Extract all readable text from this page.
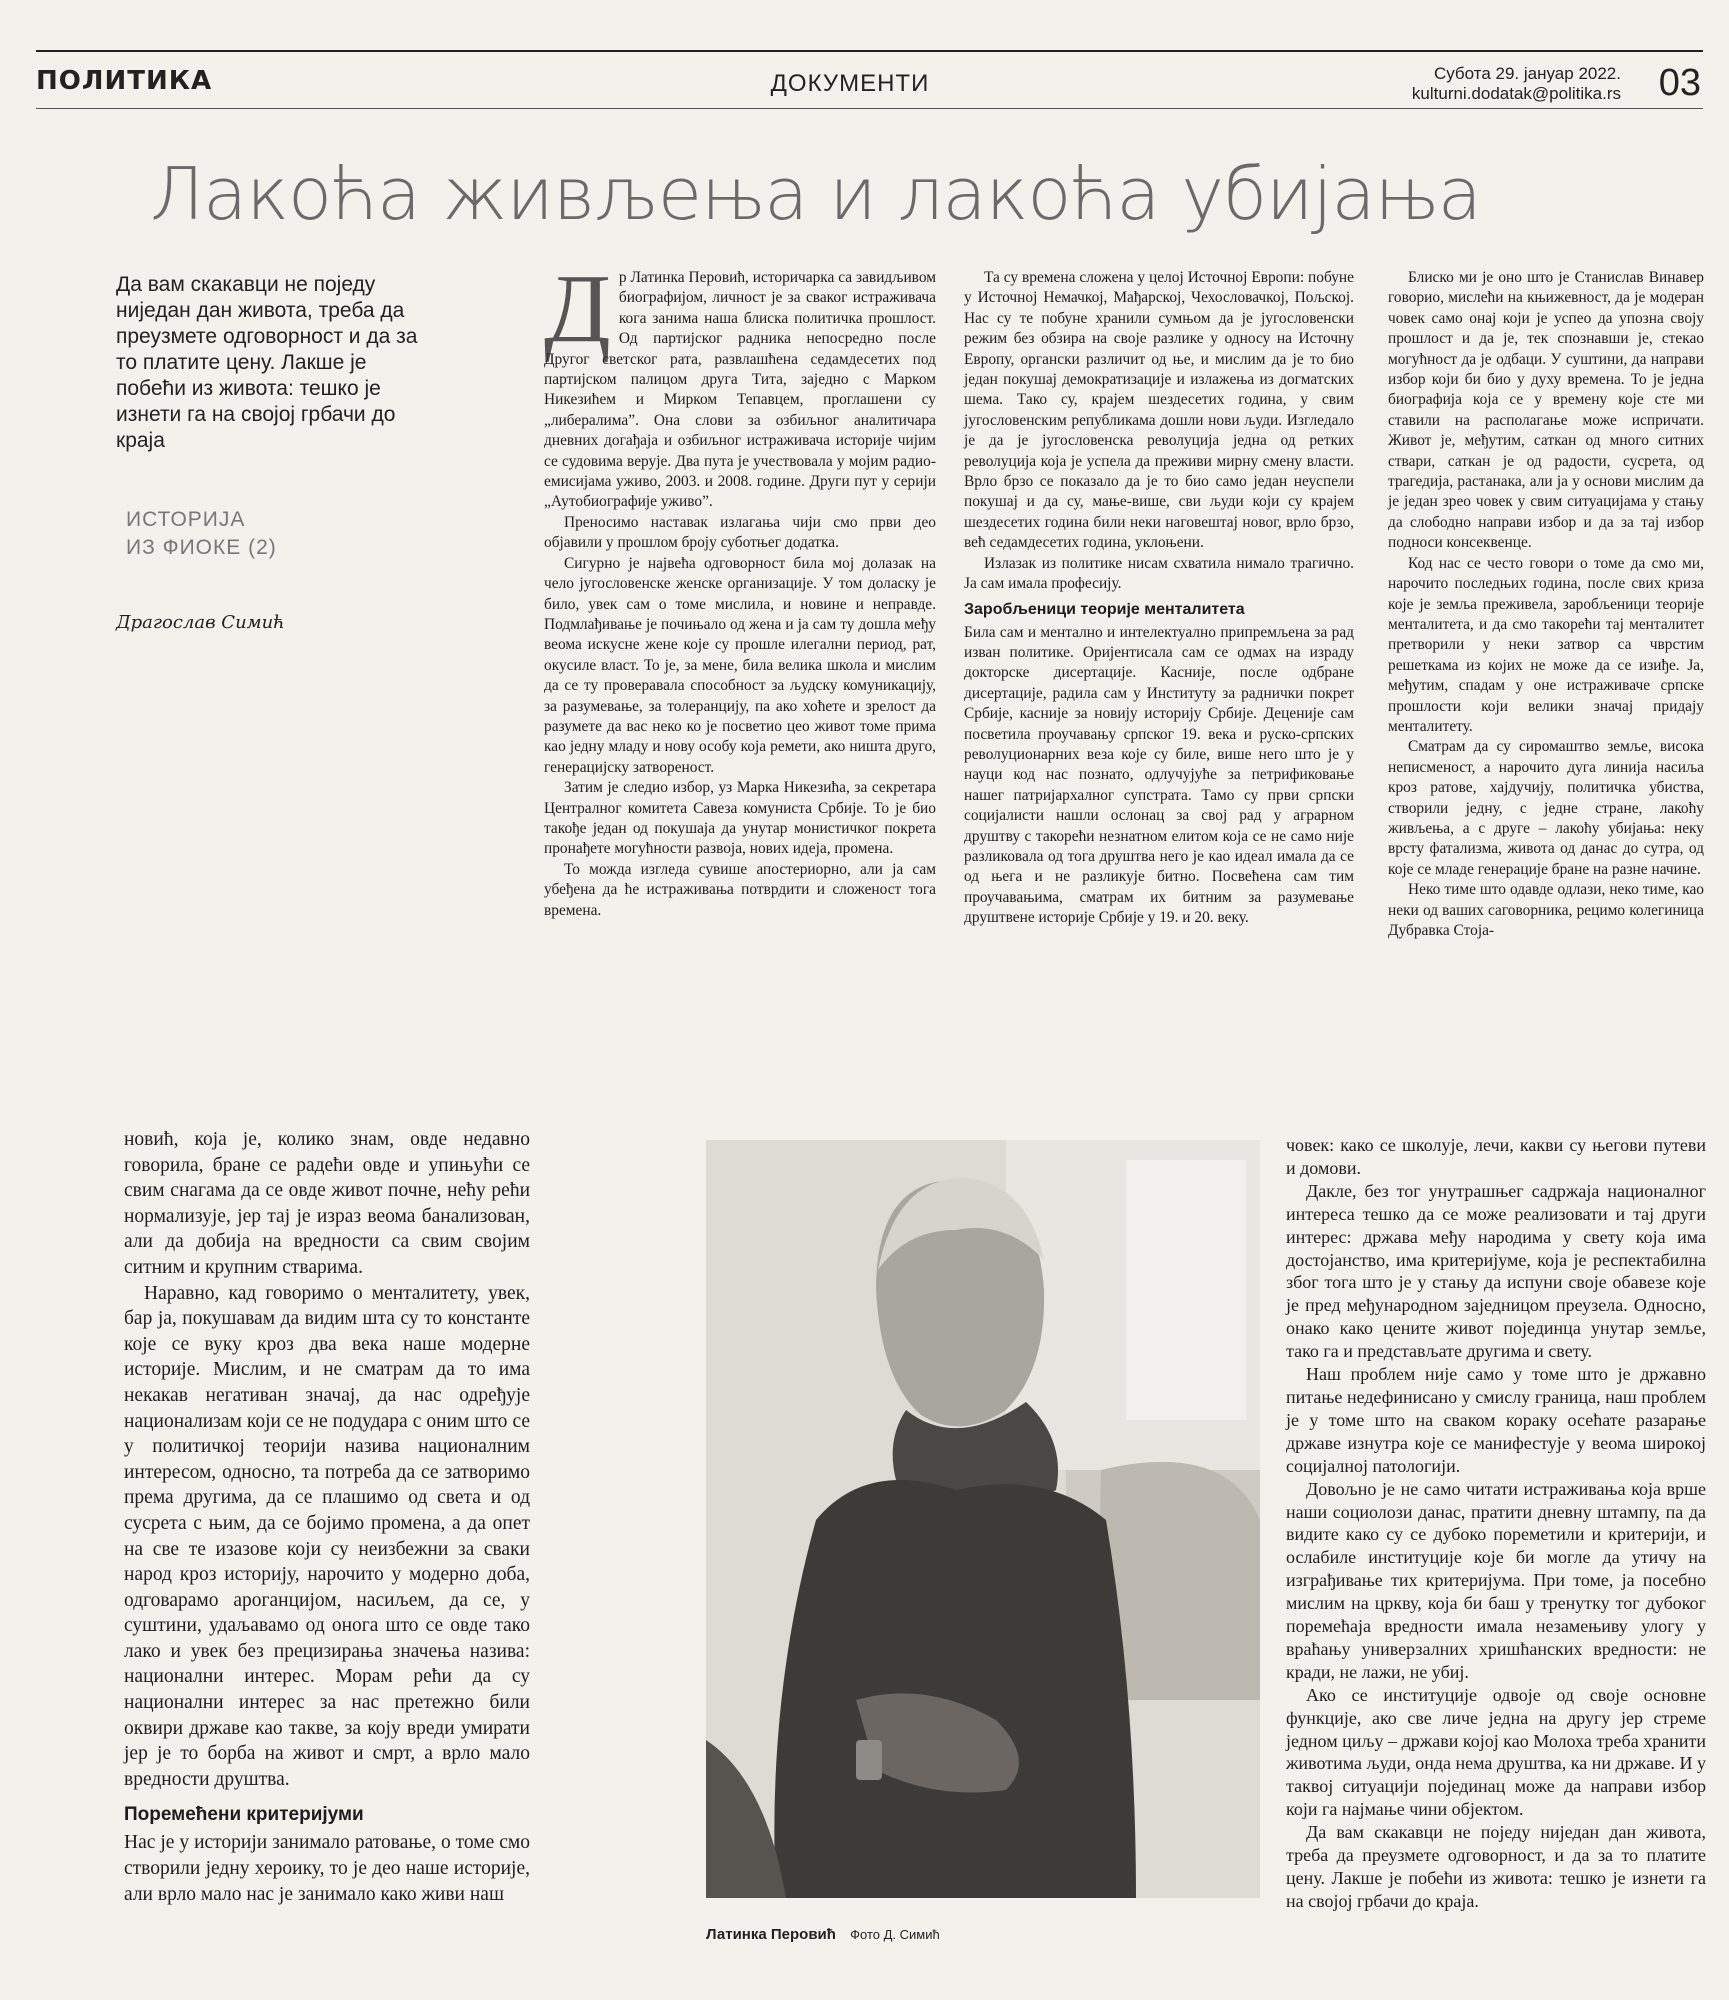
ПОЛИТИКА	ДОКУМЕНТИ	Субота 29. јануар 2022.
kulturni.dodatak@politika.rs 03
Лакоћа живљења и лакоћа убијања
Да вам скакавци не поједу ниједан дан живота, треба да преузмете одговорност и да за то платите цену. Лакше је побећи из живота: тешко је изнети га на својој грбачи до краја
ИСТОРИЈА
ИЗ ФИОКЕ (2)
Драгослав Симић

Др Латинка Перовић, историчарка са завидљивом биографијом, личност је за сваког истраживача кога занима наша блиска политичка прошлост. Од партијског радника непосредно после Другог светског рата, развлашћена седамдесетих под партијском палицом друга Тита, заједно с Марком Никезићем и Мирком Тепавцем, проглашени су „либералима”. Она слови за озбиљног аналитичара дневних догађаја и озбиљног истраживача историје чијим се судовима верује. Два пута је учествовала у мојим радио-емисијама уживо, 2003. и 2008. године. Други пут у серији „Аутобиографије уживо”.

Преносимо наставак излагања чији смо први део објавили у прошлом броју суботњег додатка.

Сигурно је највећа одговорност била мој долазак на чело југословенске женске организације. У том доласку је било, увек сам о томе мислила, и новине и неправде. Подмлађивање је почињало од жена и ја сам ту дошла међу веома искусне жене које су прошле илегални период, рат, окусиле власт. То је, за мене, била велика школа и мислим да се ту проверавала способност за људску комуникацију, за разумевање, за толеранцију, па ако хоћете и зрелост да разумете да вас неко ко је посветио цео живот томе прима као једну младу и нову особу која ремети, ако ништа друго, генерацијску затвореност.

Затим је следио избор, уз Марка Никезића, за секретара Централног комитета Савеза комуниста Србије. То је био такође један од покушаја да унутар монистичког покрета пронађете могућности развоја, нових идеја, промена.

То можда изгледа сувише апостериорно, али ја сам убеђена да ће истраживања потврдити и сложеност тога времена.

Та су времена сложена у целој Источној Европи: побуне у Источној Немачкој, Мађарској, Чехословачкој, Пољској. Нас су те побуне хранили сумњом да је југословенски режим без обзира на своје разлике у односу на Источну Европу, органски различит од ње, и мислим да је то био један покушај демократизације и излажења из догматских шема. Тако су, крајем шездесетих година, у свим југословенским републикама дошли нови људи. Изгледало је да је југословенска револуција једна од ретких револуција која је успела да преживи мирну смену власти. Врло брзо се показало да је то био само један неуспели покушај и да су, мање-више, сви људи који су крајем шездесетих година били неки наговештај новог, врло брзо, већ седамдесетих година, уклоњени.

Излазак из политике нисам схватила нимало трагично. Ја сам имала професију.

Заробљеници теорије менталитета

Била сам и ментално и интелектуално припремљена за рад изван политике. Оријентисала сам се одмах на израду докторске дисертације. Касније, после одбране дисертације, радила сам у Институту за раднички покрет Србије, касније за новију историју Србије. Деценије сам посветила проучавању српског 19. века и руско-српских револуционарних веза које су биле, више него што је у науци код нас познато, одлучујуће за петрификовање нашег патријархалног супстрата. Тамо су први српски социјалисти нашли ослонац за свој рад у аграрном друштву с такорећи незнатном елитом која се не само није разликовала од тога друштва него је као идеал имала да се од њега и не разликује битно. Посвећена сам тим проучавањима, сматрам их битним за разумевање друштвене историје Србије у 19. и 20. веку.

Блиско ми је оно што је Станислав Винавер говорио, мислећи на књижевност, да је модеран човек само онај који је успео да упозна своју прошлост и да је, тек спознавши је, стекао могућност да је одбаци. У суштини, да направи избор који би био у духу времена. То је једна биографија која се у времену које сте ми ставили на располагање може испричати. Живот је, међутим, саткан од много ситних ствари, саткан је од радости, сусрета, од трагедија, растанака, али ја у основи мислим да је један зрео човек у свим ситуацијама у стању да слободно направи избор и да за тај избор подноси консеквенце.

Код нас се често говори о томе да смо ми, нарочито последњих година, после свих криза које је земља преживела, заробљеници теорије менталитета, и да смо такорећи тај менталитет претворили у неки затвор са чврстим решеткама из којих не може да се изиђе. Ја, међутим, спадам у оне истраживаче српске прошлости који велики значај придају менталитету.

Сматрам да су сиромаштво земље, висока неписменост, а нарочито дуга линија насиља кроз ратове, хајдучију, политичка убиства, створили једну, с једне стране, лакоћу живљења, а с друге – лакоћу убијања: неку врсту фатализма, живота од данас до сутра, од које се младе генерације бране на разне начине.

Неко тиме што одавде одлази, неко тиме, као неки од ваших саговорника, рецимо колегиница Дубравка Стоја-

новић, која је, колико знам, овде недавно говорила, бране се радећи овде и упињући се свим снагама да се овде живот почне, нећу рећи нормализује, јер тај је израз веома банализован, али да добија на вредности са свим својим ситним и крупним стварима.

Наравно, кад говоримо о менталитету, увек, бар ја, покушавам да видим шта су то константе које се вуку кроз два века наше модерне историје. Мислим, и не сматрам да то има некакав негативан значај, да нас одређује национализам који се не подудара с оним што се у политичкој теорији назива националним интересом, односно, та потреба да се затворимо према другима, да се плашимо од света и од сусрета с њим, да се бојимо промена, а да опет на све те изазове који су неизбежни за сваки народ кроз историју, нарочито у модерно доба, одговарамо ароганцијом, насиљем, да се, у суштини, удаљавамо од онога што се овде тако лако и увек без прецизирања значења назива: национални интерес. Морам рећи да су национални интерес за нас претежно били оквири државе као такве, за коју вреди умирати јер је то борба на живот и смрт, а врло мало вредности друштва.

Поремећени критеријуми

Нас је у историји занимало ратовање, о томе смо створили једну хероику, то је део наше историје, али врло мало нас је занимало како живи наш

Латинка Перовић Фото Д. Симић

човек: како се школује, лечи, какви су његови путеви и домови.

Дакле, без тог унутрашњег садржаја националног интереса тешко да се може реализовати и тај други интерес: држава међу народима у свету која има достојанство, има критеријуме, која је респектабилна због тога што је у стању да испуни своје обавезе које је пред међународном заједницом преузела. Односно, онако како цените живот појединца унутар земље, тако га и представљате другима и свету.

Наш проблем није само у томе што је државно питање недефинисано у смислу граница, наш проблем је у томе што на сваком кораку осећате разарање државе изнутра које се манифестује у веома широкој социјалној патологији.

Довољно је не само читати истраживања која врше наши социолози данас, пратити дневну штампу, па да видите како су се дубоко пореметили и критерији, и ослабиле институције које би могле да утичу на изграђивање тих критеријума. При томе, ја посебно мислим на цркву, која би баш у тренутку тог дубоког поремећаја вредности имала незамењиву улогу у враћању универзалних хришћанских вредности: не кради, не лажи, не убиј.

Ако се институције одвоје од своје основне функције, ако све личе једна на другу јер стреме једном циљу – држави којој као Молоха треба хранити животима људи, онда нема друштва, ка ни државе. И у таквој ситуацији појединац може да направи избор који га најмање чини објектом.

Да вам скакавци не поједу ниједан дан живота, треба да преузмете одговорност, и да за то платите цену. Лакше је побећи из живота: тешко је изнети га на својој грбачи до краја.
